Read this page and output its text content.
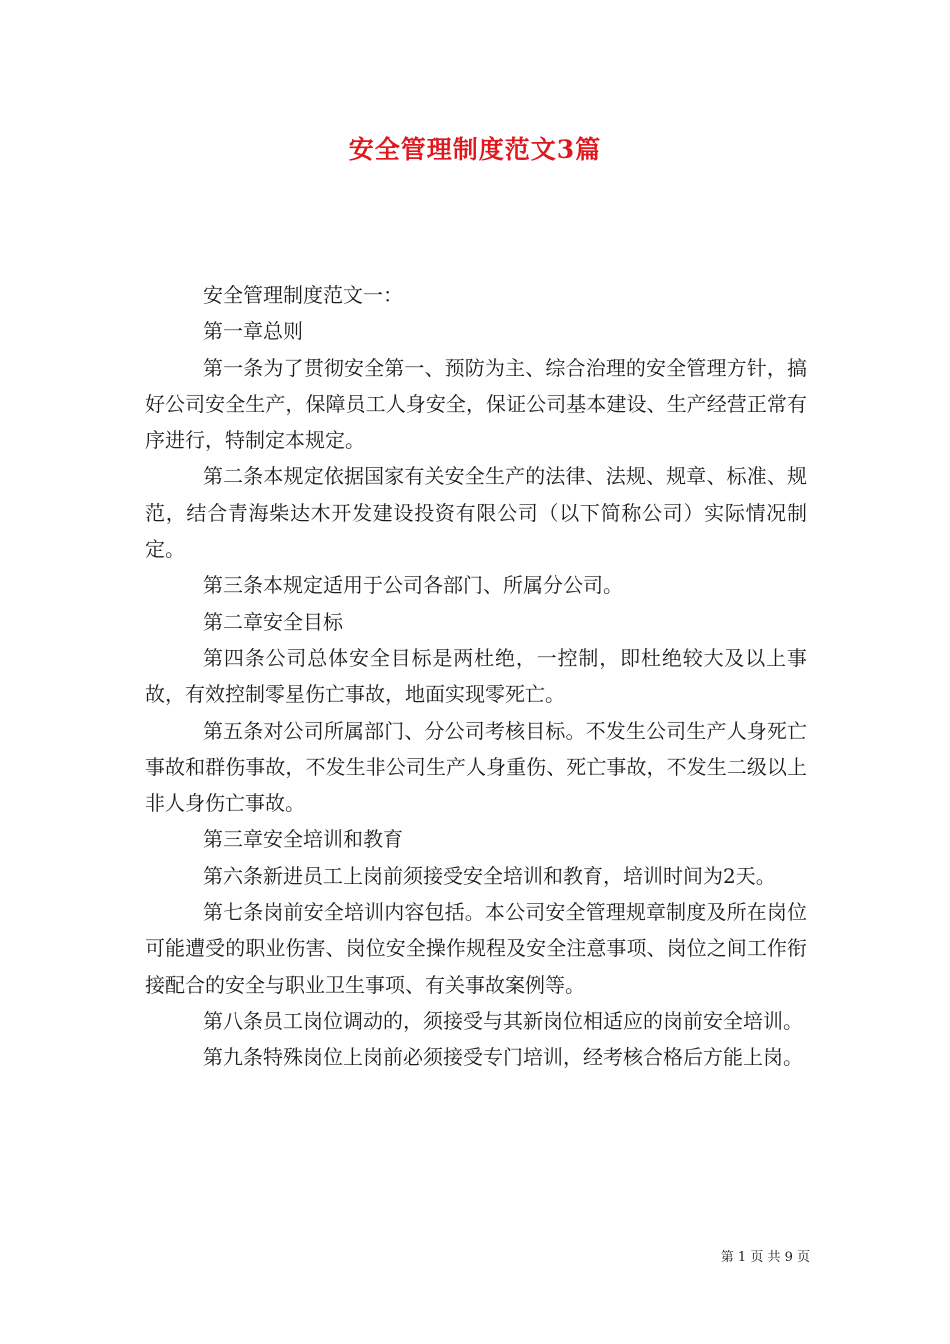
安全管理制度范文3篇

安全管理制度范文一：

第一章总则

第一条为了贯彻安全第一、预防为主、综合治理的安全管理方针，搞好公司安全生产，保障员工人身安全，保证公司基本建设、生产经营正常有序进行，特制定本规定。

第二条本规定依据国家有关安全生产的法律、法规、规章、标准、规范，结合青海柴达木开发建设投资有限公司（以下简称公司）实际情况制定。

第三条本规定适用于公司各部门、所属分公司。

第二章安全目标

第四条公司总体安全目标是两杜绝，一控制，即杜绝较大及以上事故，有效控制零星伤亡事故，地面实现零死亡。

第五条对公司所属部门、分公司考核目标。不发生公司生产人身死亡事故和群伤事故，不发生非公司生产人身重伤、死亡事故，不发生二级以上非人身伤亡事故。

第三章安全培训和教育

第六条新进员工上岗前须接受安全培训和教育，培训时间为2天。

第七条岗前安全培训内容包括。本公司安全管理规章制度及所在岗位可能遭受的职业伤害、岗位安全操作规程及安全注意事项、岗位之间工作衔接配合的安全与职业卫生事项、有关事故案例等。

第八条员工岗位调动的，须接受与其新岗位相适应的岗前安全培训。

第九条特殊岗位上岗前必须接受专门培训，经考核合格后方能上岗。

第 1 页 共 9 页
